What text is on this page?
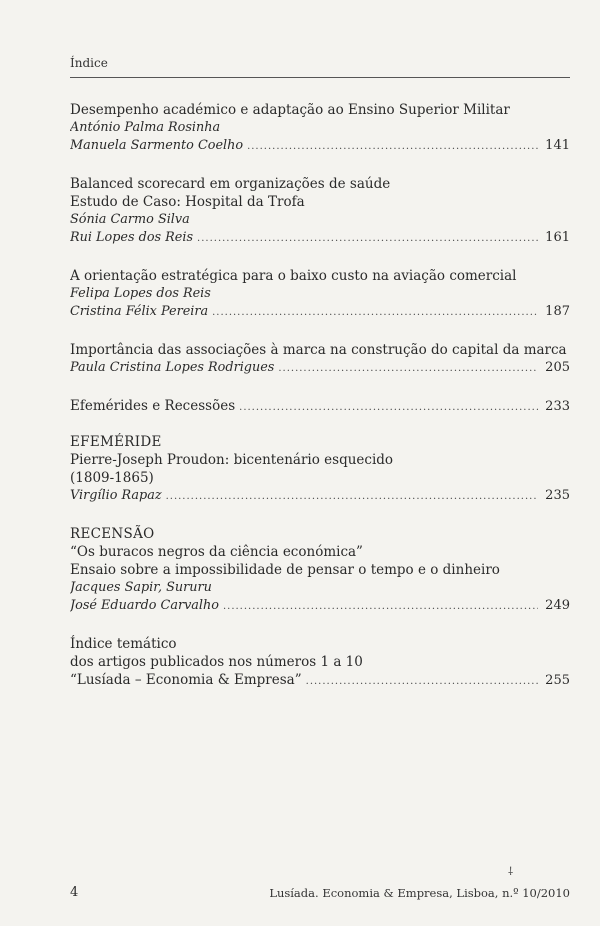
Índice
Desempenho académico e adaptação ao Ensino Superior Militar
António Palma Rosinha
Manuela Sarmento Coelho .....	141
Balanced scorecard em organizações de saúde
Estudo de Caso: Hospital da Trofa
Sónia Carmo Silva
Rui Lopes dos Reis .....	161
A orientação estratégica para o baixo custo na aviação comercial
Felipa Lopes dos Reis
Cristina Félix Pereira .....	187
Importância das associações à marca na construção do capital da marca
Paula Cristina Lopes Rodrigues .....	205
Efemérides e Recessões .....	233
EFEMÉRIDE
Pierre-Joseph Proudon: bicentenário esquecido
(1809-1865)
Virgílio Rapaz .....	235
RECENSÃO
“Os buracos negros da ciência económica”
Ensaio sobre a impossibilidade de pensar o tempo e o dinheiro
Jacques Sapir, Sururu
José Eduardo Carvalho .....	249
Índice temático
dos artigos publicados nos números 1 a 10
“Lusíada – Economia & Empresa” .....	255
⸸
4	Lusíada. Economia & Empresa, Lisboa, n.º 10/2010
